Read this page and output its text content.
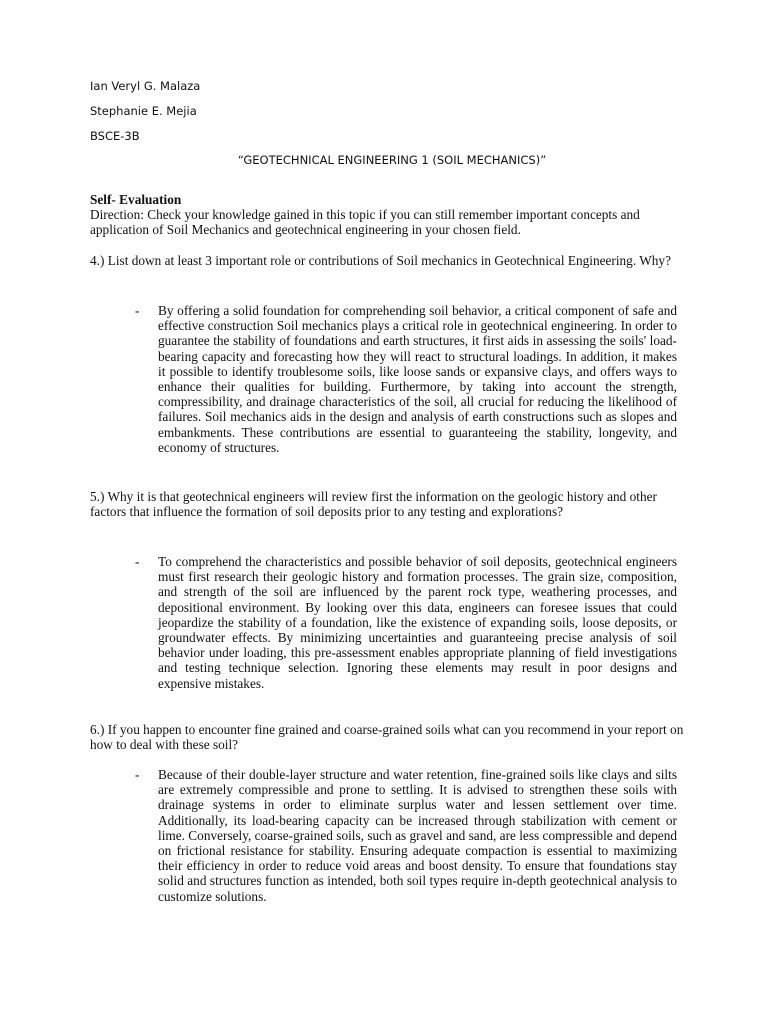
Ian Veryl G. Malaza
Stephanie E. Mejia
BSCE-3B
“GEOTECHNICAL ENGINEERING 1 (SOIL MECHANICS)”

Self- Evaluation

Direction: Check your knowledge gained in this topic if you can still remember important concepts and application of Soil Mechanics and geotechnical engineering in your chosen field.

4.) List down at least 3 important role or contributions of Soil mechanics in Geotechnical Engineering. Why?
- By offering a solid foundation for comprehending soil behavior, a critical component of safe and effective construction Soil mechanics plays a critical role in geotechnical engineering. In order to guarantee the stability of foundations and earth structures, it first aids in assessing the soils' load-bearing capacity and forecasting how they will react to structural loadings. In addition, it makes it possible to identify troublesome soils, like loose sands or expansive clays, and offers ways to enhance their qualities for building. Furthermore, by taking into account the strength, compressibility, and drainage characteristics of the soil, all crucial for reducing the likelihood of failures. Soil mechanics aids in the design and analysis of earth constructions such as slopes and embankments. These contributions are essential to guaranteeing the stability, longevity, and economy of structures.
5.) Why it is that geotechnical engineers will review first the information on the geologic history and other factors that influence the formation of soil deposits prior to any testing and explorations?
- To comprehend the characteristics and possible behavior of soil deposits, geotechnical engineers must first research their geologic history and formation processes. The grain size, composition, and strength of the soil are influenced by the parent rock type, weathering processes, and depositional environment. By looking over this data, engineers can foresee issues that could jeopardize the stability of a foundation, like the existence of expanding soils, loose deposits, or groundwater effects. By minimizing uncertainties and guaranteeing precise analysis of soil behavior under loading, this pre-assessment enables appropriate planning of field investigations and testing technique selection. Ignoring these elements may result in poor designs and expensive mistakes.
6.) If you happen to encounter fine grained and coarse-grained soils what can you recommend in your report on how to deal with these soil?
- Because of their double-layer structure and water retention, fine-grained soils like clays and silts are extremely compressible and prone to settling. It is advised to strengthen these soils with drainage systems in order to eliminate surplus water and lessen settlement over time. Additionally, its load-bearing capacity can be increased through stabilization with cement or lime. Conversely, coarse-grained soils, such as gravel and sand, are less compressible and depend on frictional resistance for stability. Ensuring adequate compaction is essential to maximizing their efficiency in order to reduce void areas and boost density. To ensure that foundations stay solid and structures function as intended, both soil types require in-depth geotechnical analysis to customize solutions.
